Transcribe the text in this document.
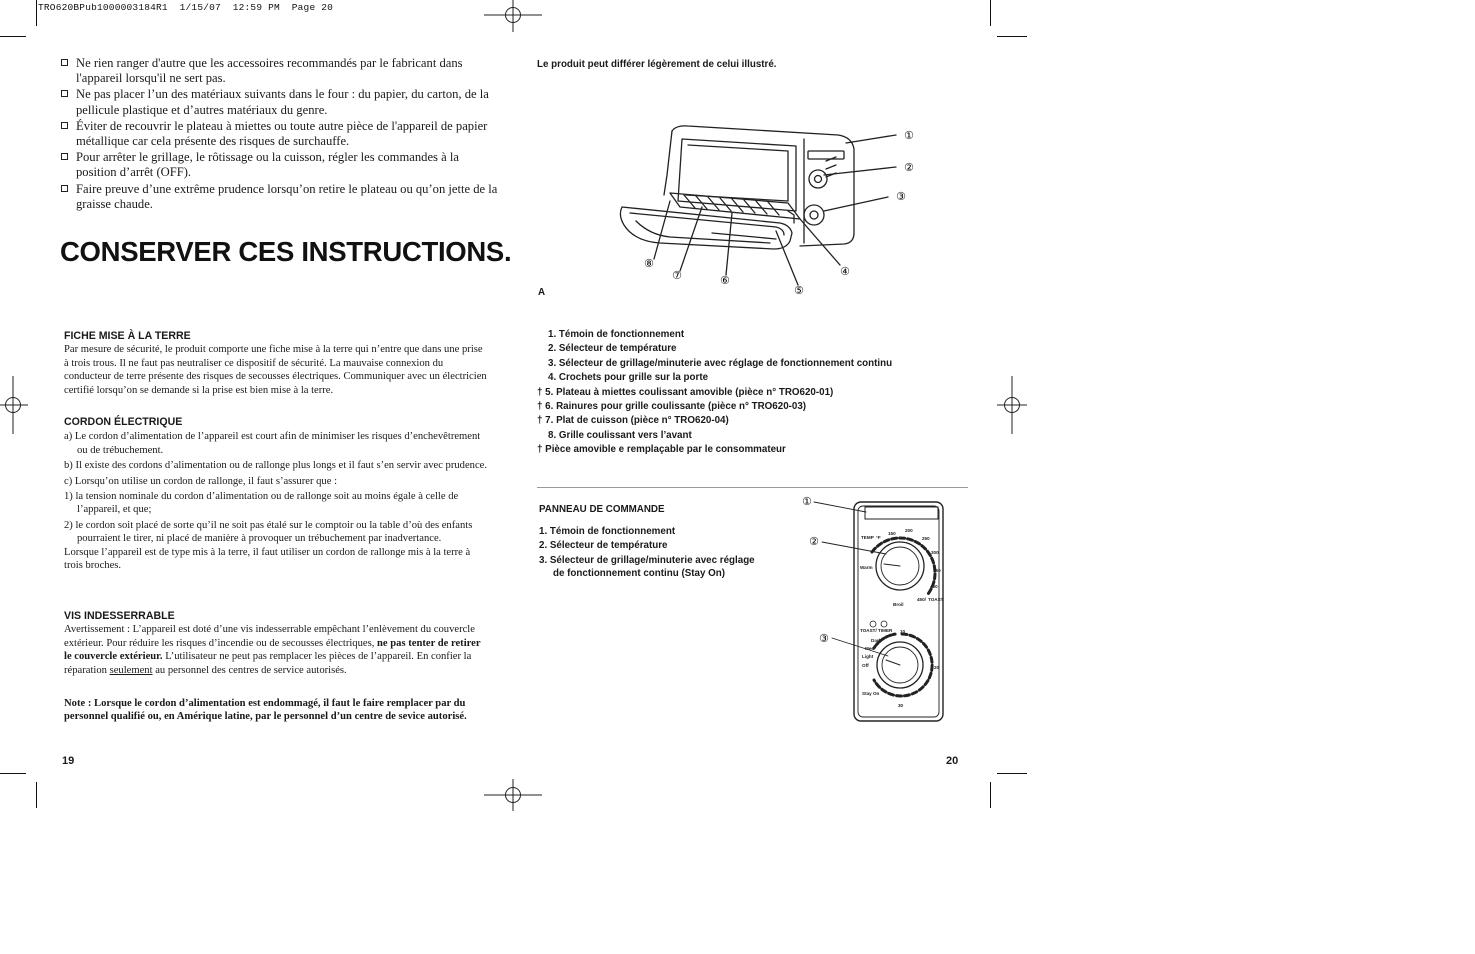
TRO620BPub1000003184R1  1/15/07  12:59 PM  Page 20
Ne rien ranger d'autre que les accessoires recommandés par le fabricant dans l'appareil lorsqu'il ne sert pas.
Ne pas placer l’un des matériaux suivants dans le four : du papier, du carton, de la pellicule plastique et d’autres matériaux du genre.
Éviter de recouvrir le plateau à miettes ou toute autre pièce de l'appareil de papier métallique car cela présente des risques de surchauffe.
Pour arrêter le grillage, le rôtissage ou la cuisson, régler les commandes à la position d’arrêt (OFF).
Faire preuve d’une extrême prudence lorsqu’on retire le plateau ou qu’on jette de la graisse chaude.
CONSERVER CES INSTRUCTIONS.
FICHE MISE À LA TERRE
Par mesure de sécurité, le produit comporte une fiche mise à la terre qui n’entre que dans une prise à trois trous. Il ne faut pas neutraliser ce dispositif de sécurité. La mauvaise connexion du conducteur de terre présente des risques de secousses électriques. Communiquer avec un électricien certifié lorsqu’on se demande si la prise est bien mise à la terre.
CORDON ÉLECTRIQUE
a) Le cordon d’alimentation de l’appareil est court afin de minimiser les risques d’enchevêtrement ou de trébuchement.
b) Il existe des cordons d’alimentation ou de rallonge plus longs et il faut s’en servir avec prudence.
c) Lorsqu’on utilise un cordon de rallonge, il faut s’assurer que :
1) la tension nominale du cordon d’alimentation ou de rallonge soit au moins égale à celle de l’appareil, et que;
2) le cordon soit placé de sorte qu’il ne soit pas étalé sur le comptoir ou la table d’où des enfants pourraient le tirer, ni placé de manière à provoquer un trébuchement par inadvertance.
Lorsque l’appareil est de type mis à la terre, il faut utiliser un cordon de rallonge mis à la terre à trois broches.
VIS INDESSERRABLE
Avertissement : L’appareil est doté d’une vis indesserrable empêchant l’enlèvement du couvercle extérieur. Pour réduire les risques d’incendie ou de secousses électriques, ne pas tenter de retirer le couvercle extérieur. L’utilisateur ne peut pas remplacer les pièces de l’appareil. En confier la réparation seulement au personnel des centres de service autorisés.
Note : Lorsque le cordon d’alimentation est endommagé, il faut le faire remplacer par du personnel qualifié ou, en Amérique latine, par le personnel d’un centre de sevice autorisé.
19
Le produit peut différer légèrement de celui illustré.
①
②
③
④
⑤
⑥
⑦
⑧
A
1. Témoin de fonctionnement
2. Sélecteur de température
3. Sélecteur de grillage/minuterie avec réglage de fonctionnement continu
4. Crochets pour grille sur la porte
† 5. Plateau à miettes coulissant amovible (pièce n° TRO620-01)
† 6. Rainures pour grille coulissante (pièce n° TRO620-03)
† 7. Plat de cuisson (pièce n° TRO620-04)
8. Grille coulissant vers l’avant
† Pièce amovible e remplaçable par le consommateur
PANNEAU DE COMMANDE
1. Témoin de fonctionnement
2. Sélecteur de température
3. Sélecteur de grillage/minuterie avec réglage
de fonctionnement continu (Stay On)
①
②
③
TEMP °F
150
200
250
300
350
400
450/ TOAST
Warm
Broil
TOAST/ TIMER
Dark
Med
Light
Off
10
20
30
Stay On
20
